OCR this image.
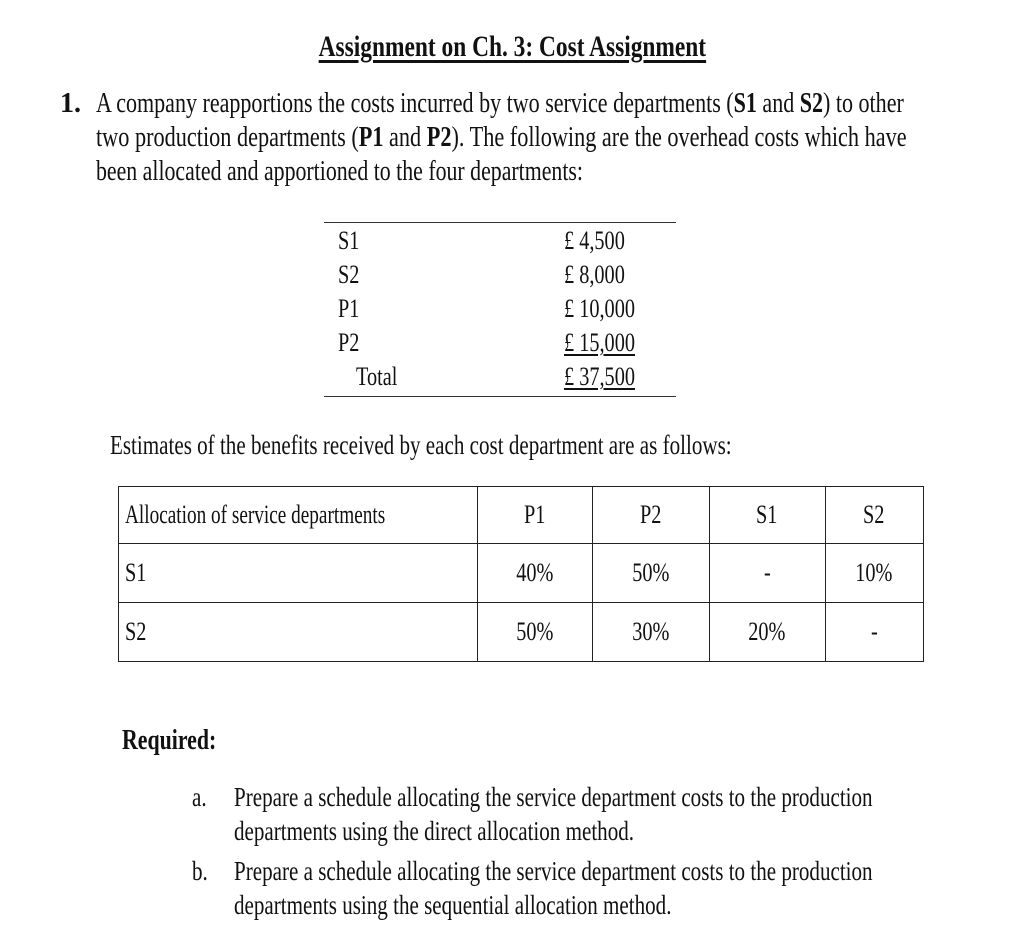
Assignment on Ch. 3: Cost Assignment
1. A company reapportions the costs incurred by two service departments (S1 and S2) to other
two production departments (P1 and P2). The following are the overhead costs which have
been allocated and apportioned to the four departments:
S1	£ 4,500
S2	£ 8,000
P1	£ 10,000
P2	£ 15,000
Total	£ 37,500
Estimates of the benefits received by each cost department are as follows:
Allocation of service departments	P1	P2	S1	S2
S1	40%	50%	-	10%
S2	50%	30%	20%	-
Required:
a. Prepare a schedule allocating the service department costs to the production
departments using the direct allocation method.
b. Prepare a schedule allocating the service department costs to the production
departments using the sequential allocation method.
